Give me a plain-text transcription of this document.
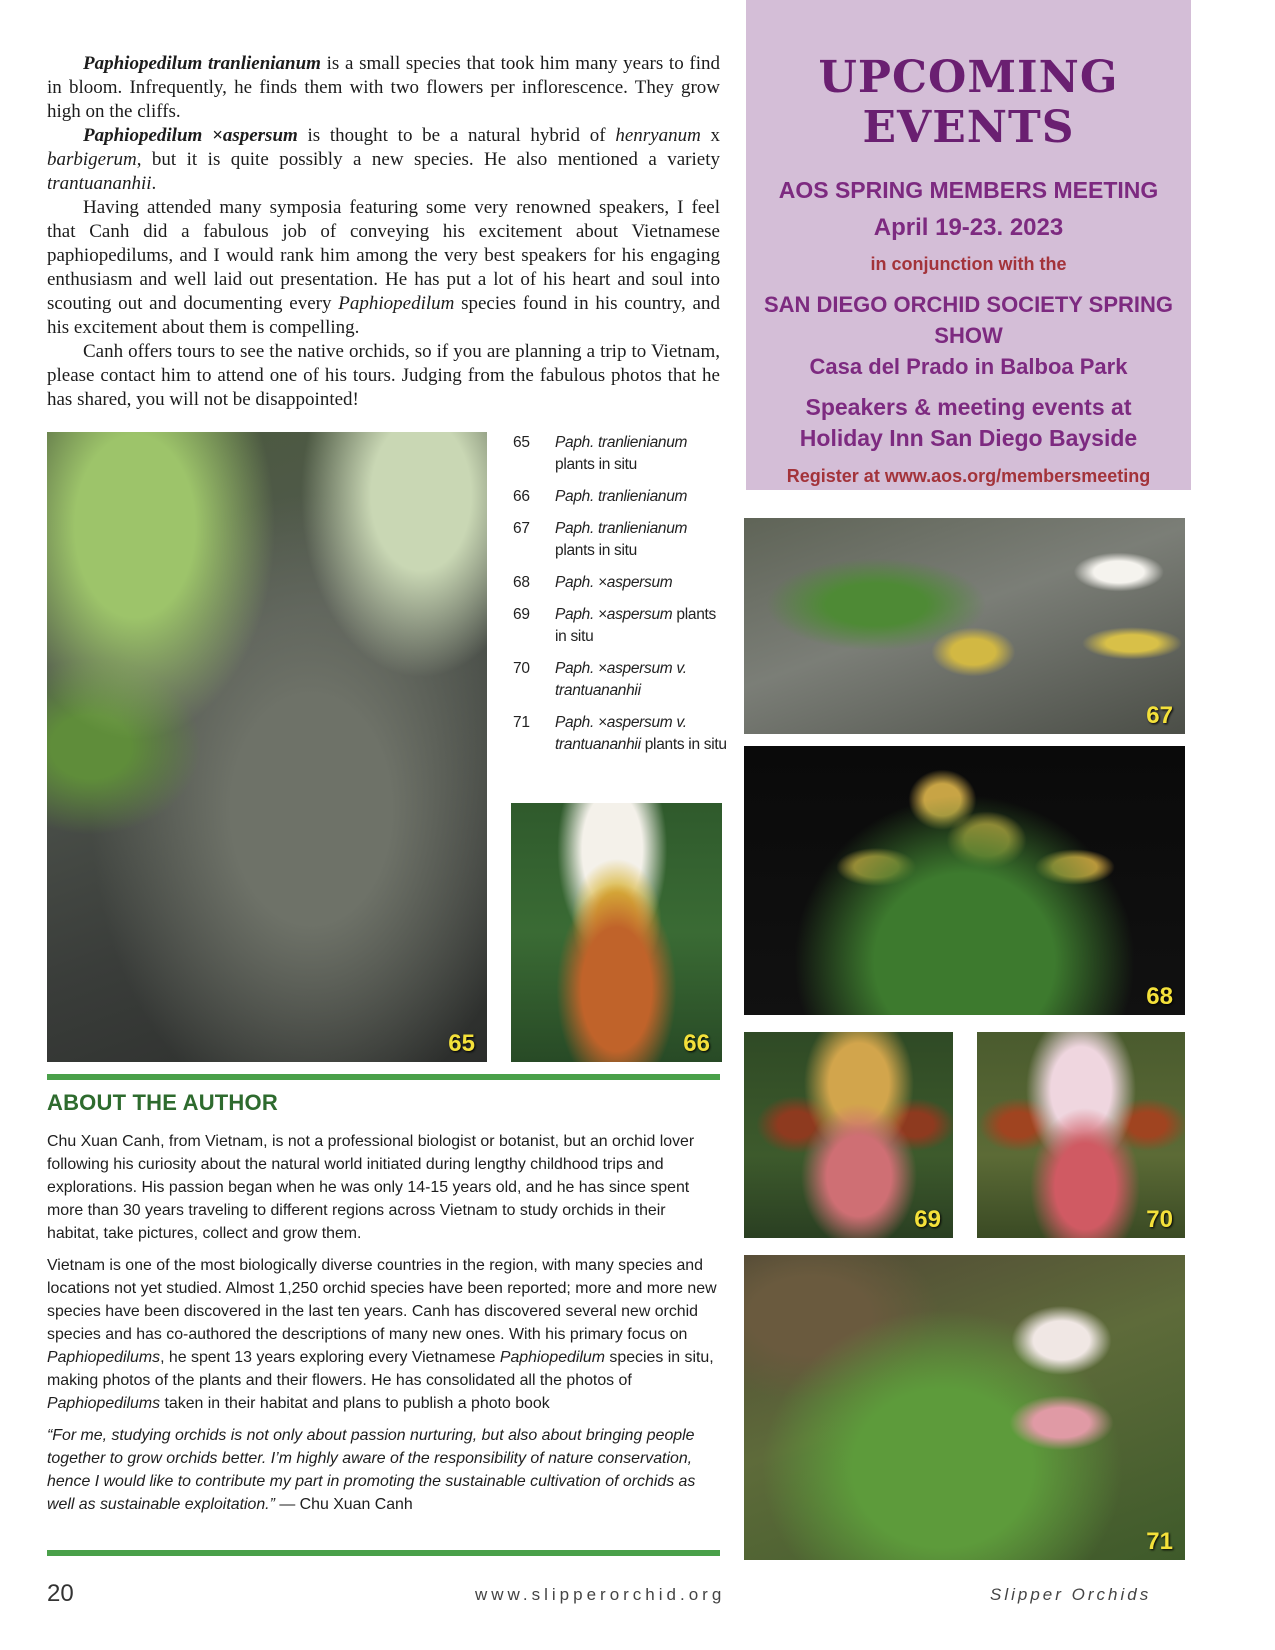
Paphiopedilum tranlienianum is a small species that took him many years to find in bloom. Infrequently, he finds them with two flowers per inflorescence. They grow high on the cliffs.

Paphiopedilum ×aspersum is thought to be a natural hybrid of henryanum x barbigerum, but it is quite possibly a new species. He also mentioned a variety trantuananhii.

Having attended many symposia featuring some very renowned speakers, I feel that Canh did a fabulous job of conveying his excitement about Vietnamese paphiopedilums, and I would rank him among the very best speakers for his engaging enthusiasm and well laid out presentation. He has put a lot of his heart and soul into scouting out and documenting every Paphiopedilum species found in his country, and his excitement about them is compelling.

Canh offers tours to see the native orchids, so if you are planning a trip to Vietnam, please contact him to attend one of his tours. Judging from the fabulous photos that he has shared, you will not be disappointed!

UPCOMING
EVENTS
AOS SPRING MEMBERS MEETING
April 19-23. 2023
in conjunction with the
SAN DIEGO ORCHID SOCIETY SPRING SHOW
Casa del Prado in Balboa Park
Speakers & meeting events at
Holiday Inn San Diego Bayside
Register at www.aos.org/membersmeeting
65	66
67
68
69	70
71
65	Paph. tranlienianum plants in situ
66	Paph. tranlienianum
67	Paph. tranlienianum plants in situ
68	Paph. ×aspersum
69	Paph. ×aspersum plants in situ
70	Paph. ×aspersum v. trantuananhii
71	Paph. ×aspersum v. trantuananhii plants in situ
ABOUT THE AUTHOR

Chu Xuan Canh, from Vietnam, is not a professional biologist or botanist, but an orchid lover following his curiosity about the natural world initiated during lengthy childhood trips and explorations. His passion began when he was only 14-15 years old, and he has since spent more than 30 years traveling to different regions across Vietnam to study orchids in their habitat, take pictures, collect and grow them.

Vietnam is one of the most biologically diverse countries in the region, with many species and locations not yet studied. Almost 1,250 orchid species have been reported; more and more new species have been discovered in the last ten years. Canh has discovered several new orchid species and has co-authored the descriptions of many new ones. With his primary focus on Paphiopedilums, he spent 13 years exploring every Vietnamese Paphiopedilum species in situ, making photos of the plants and their flowers. He has consolidated all the photos of Paphiopedilums taken in their habitat and plans to publish a photo book

“For me, studying orchids is not only about passion nurturing, but also about bringing people together to grow orchids better. I’m highly aware of the responsibility of nature conservation, hence I would like to contribute my part in promoting the sustainable cultivation of orchids as well as sustainable exploitation.” — Chu Xuan Canh

20	www.slipperorchid.org	Slipper Orchids
